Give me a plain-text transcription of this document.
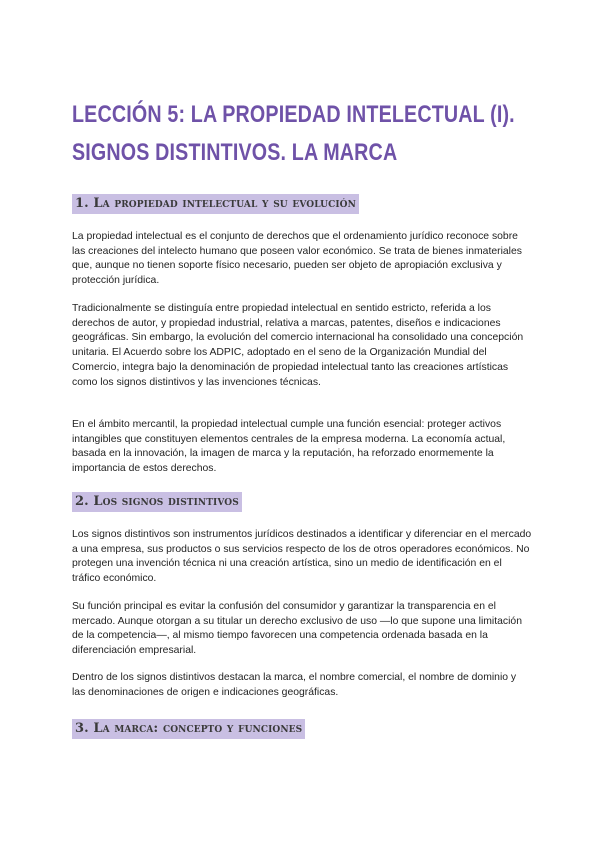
LECCIÓN 5: LA PROPIEDAD INTELECTUAL (I).
SIGNOS DISTINTIVOS. LA MARCA
1. La propiedad intelectual y su evolución

La propiedad intelectual es el conjunto de derechos que el ordenamiento jurídico reconoce sobre las creaciones del intelecto humano que poseen valor económico. Se trata de bienes inmateriales que, aunque no tienen soporte físico necesario, pueden ser objeto de apropiación exclusiva y protección jurídica.

Tradicionalmente se distinguía entre propiedad intelectual en sentido estricto, referida a los derechos de autor, y propiedad industrial, relativa a marcas, patentes, diseños e indicaciones geográficas. Sin embargo, la evolución del comercio internacional ha consolidado una concepción unitaria. El Acuerdo sobre los ADPIC, adoptado en el seno de la Organización Mundial del Comercio, integra bajo la denominación de propiedad intelectual tanto las creaciones artísticas como los signos distintivos y las invenciones técnicas.

En el ámbito mercantil, la propiedad intelectual cumple una función esencial: proteger activos intangibles que constituyen elementos centrales de la empresa moderna. La economía actual, basada en la innovación, la imagen de marca y la reputación, ha reforzado enormemente la importancia de estos derechos.

2. Los signos distintivos

Los signos distintivos son instrumentos jurídicos destinados a identificar y diferenciar en el mercado a una empresa, sus productos o sus servicios respecto de los de otros operadores económicos. No protegen una invención técnica ni una creación artística, sino un medio de identificación en el tráfico económico.

Su función principal es evitar la confusión del consumidor y garantizar la transparencia en el mercado. Aunque otorgan a su titular un derecho exclusivo de uso —lo que supone una limitación de la competencia—, al mismo tiempo favorecen una competencia ordenada basada en la diferenciación empresarial.

Dentro de los signos distintivos destacan la marca, el nombre comercial, el nombre de dominio y las denominaciones de origen e indicaciones geográficas.

3. La marca: concepto y funciones
